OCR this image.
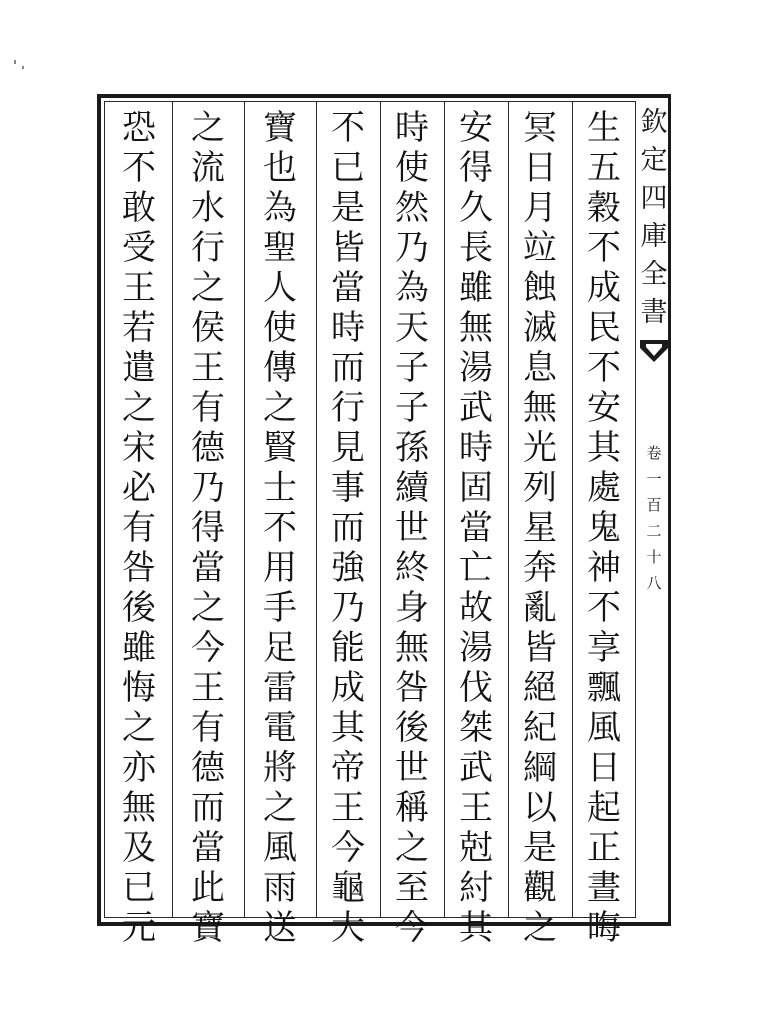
欽
定
四
庫
全
書
卷
一
百
二
十
八
生
五
穀
不
成
民
不
安
其
處
鬼
神
不
享
飄
風
日
起
正
晝
晦
冥
日
月
竝
蝕
滅
息
無
光
列
星
奔
亂
皆
絕
紀
綱
以
是
觀
之
安
得
久
長
雖
無
湯
武
時
固
當
亡
故
湯
伐
桀
武
王
尅
紂
其
時
使
然
乃
為
天
子
子
孫
續
世
終
身
無
咎
後
世
稱
之
至
今
不
已
是
皆
當
時
而
行
見
事
而
強
乃
能
成
其
帝
王
今
龜
大
寶
也
為
聖
人
使
傳
之
賢
士
不
用
手
足
雷
電
將
之
風
雨
送
之
流
水
行
之
侯
王
有
德
乃
得
當
之
今
王
有
德
而
當
此
寶
恐
不
敢
受
王
若
遣
之
宋
必
有
咎
後
雖
悔
之
亦
無
及
已
元
